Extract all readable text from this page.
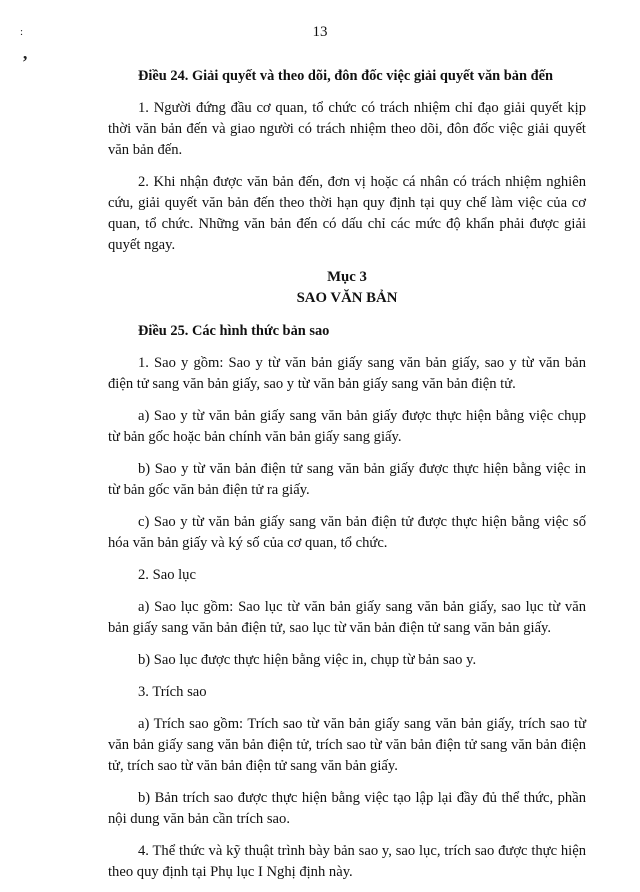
13
:
’

Điều 24. Giải quyết và theo dõi, đôn đốc việc giải quyết văn bản đến

1. Người đứng đầu cơ quan, tổ chức có trách nhiệm chỉ đạo giải quyết kịp thời văn bản đến và giao người có trách nhiệm theo dõi, đôn đốc việc giải quyết văn bản đến.

2. Khi nhận được văn bản đến, đơn vị hoặc cá nhân có trách nhiệm nghiên cứu, giải quyết văn bản đến theo thời hạn quy định tại quy chế làm việc của cơ quan, tổ chức. Những văn bản đến có dấu chỉ các mức độ khẩn phải được giải quyết ngay.

Mục 3

SAO VĂN BẢN

Điều 25. Các hình thức bản sao

1. Sao y gồm: Sao y từ văn bản giấy sang văn bản giấy, sao y từ văn bản điện tử sang văn bản giấy, sao y từ văn bản giấy sang văn bản điện tử.

a) Sao y từ văn bản giấy sang văn bản giấy được thực hiện bằng việc chụp từ bản gốc hoặc bản chính văn bản giấy sang giấy.

b) Sao y từ văn bản điện tử sang văn bản giấy được thực hiện bằng việc in từ bản gốc văn bản điện tử ra giấy.

c) Sao y từ văn bản giấy sang văn bản điện tử được thực hiện bằng việc số hóa văn bản giấy và ký số của cơ quan, tổ chức.

2. Sao lục

a) Sao lục gồm: Sao lục từ văn bản giấy sang văn bản giấy, sao lục từ văn bản giấy sang văn bản điện tử, sao lục từ văn bản điện tử sang văn bản giấy.

b) Sao lục được thực hiện bằng việc in, chụp từ bản sao y.

3. Trích sao

a) Trích sao gồm: Trích sao từ văn bản giấy sang văn bản giấy, trích sao từ văn bản giấy sang văn bản điện tử, trích sao từ văn bản điện tử sang văn bản điện tử, trích sao từ văn bản điện tử sang văn bản giấy.

b) Bản trích sao được thực hiện bằng việc tạo lập lại đầy đủ thể thức, phần nội dung văn bản cần trích sao.

4. Thể thức và kỹ thuật trình bày bản sao y, sao lục, trích sao được thực hiện theo quy định tại Phụ lục I Nghị định này.
